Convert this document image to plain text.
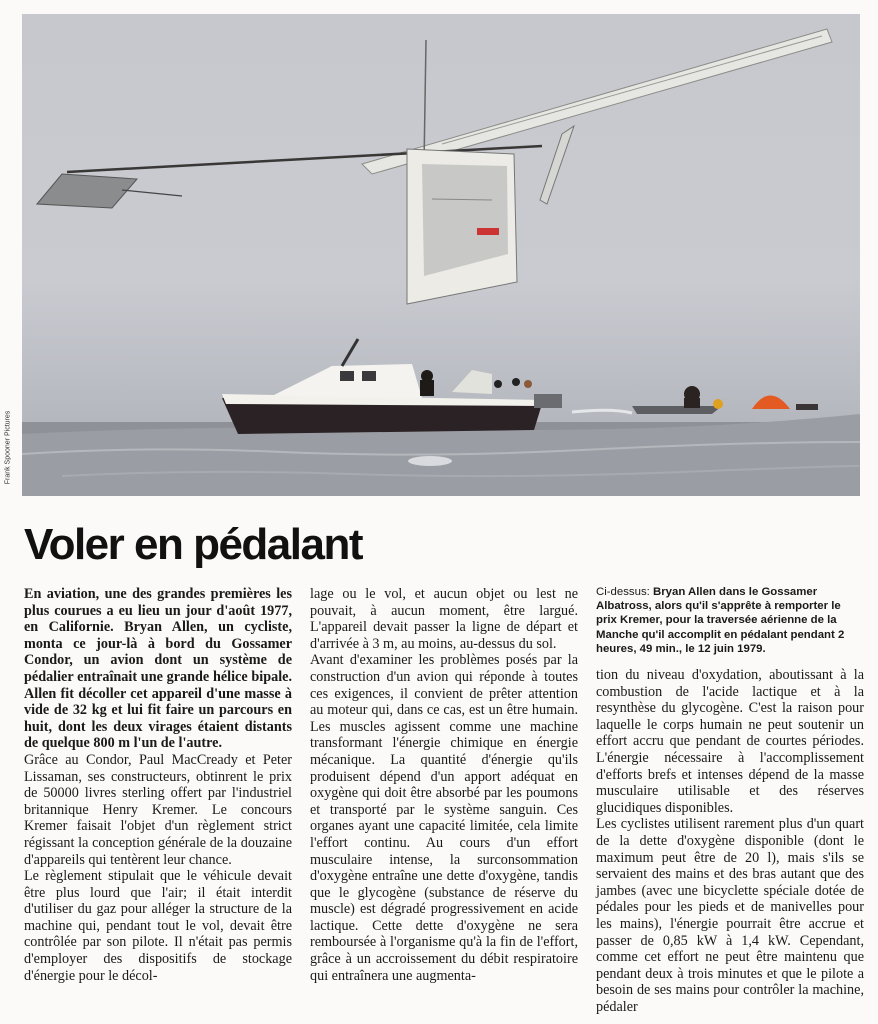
Frank Spooner Pictures
Voler en pédalant

En aviation, une des grandes premières les plus courues a eu lieu un jour d'août 1977, en Californie. Bryan Allen, un cycliste, monta ce jour-là à bord du Gossamer Condor, un avion dont un système de pédalier entraînait une grande hélice bipale. Allen fit décoller cet appareil d'une masse à vide de 32 kg et lui fit faire un parcours en huit, dont les deux virages étaient distants de quelque 800 m l'un de l'autre.

Grâce au Condor, Paul MacCready et Peter Lissaman, ses constructeurs, obtinrent le prix de 50000 livres sterling offert par l'industriel britannique Henry Kremer. Le concours Kremer faisait l'objet d'un règlement strict régissant la conception générale de la douzaine d'appareils qui tentèrent leur chance.

Le règlement stipulait que le véhicule devait être plus lourd que l'air; il était interdit d'utiliser du gaz pour alléger la structure de la machine qui, pendant tout le vol, devait être contrôlée par son pilote. Il n'était pas permis d'employer des dispositifs de stockage d'énergie pour le décol-

lage ou le vol, et aucun objet ou lest ne pouvait, à aucun moment, être largué. L'appareil devait passer la ligne de départ et d'arrivée à 3 m, au moins, au-dessus du sol.

Avant d'examiner les problèmes posés par la construction d'un avion qui réponde à toutes ces exigences, il convient de prêter attention au moteur qui, dans ce cas, est un être humain. Les muscles agissent comme une machine transformant l'énergie chimique en énergie mécanique. La quantité d'énergie qu'ils produisent dépend d'un apport adéquat en oxygène qui doit être absorbé par les poumons et transporté par le système sanguin. Ces organes ayant une capacité limitée, cela limite l'effort continu. Au cours d'un effort musculaire intense, la surconsommation d'oxygène entraîne une dette d'oxygène, tandis que le glycogène (substance de réserve du muscle) est dégradé progressivement en acide lactique. Cette dette d'oxygène ne sera remboursée à l'organisme qu'à la fin de l'effort, grâce à un accroissement du débit respiratoire qui entraînera une augmenta-

Ci-dessus: Bryan Allen dans le Gossamer Albatross, alors qu'il s'apprête à remporter le prix Kremer, pour la traversée aérienne de la Manche qu'il accomplit en pédalant pendant 2 heures, 49 min., le 12 juin 1979.

tion du niveau d'oxydation, aboutissant à la combustion de l'acide lactique et à la resynthèse du glycogène. C'est la raison pour laquelle le corps humain ne peut soutenir un effort accru que pendant de courtes périodes. L'énergie nécessaire à l'accomplissement d'efforts brefs et intenses dépend de la masse musculaire utilisable et des réserves glucidiques disponibles.

Les cyclistes utilisent rarement plus d'un quart de la dette d'oxygène disponible (dont le maximum peut être de 20 l), mais s'ils se servaient des mains et des bras autant que des jambes (avec une bicyclette spéciale dotée de pédales pour les pieds et de manivelles pour les mains), l'énergie pourrait être accrue et passer de 0,85 kW à 1,4 kW. Cependant, comme cet effort ne peut être maintenu que pendant deux à trois minutes et que le pilote a besoin de ses mains pour contrôler la machine, pédaler
